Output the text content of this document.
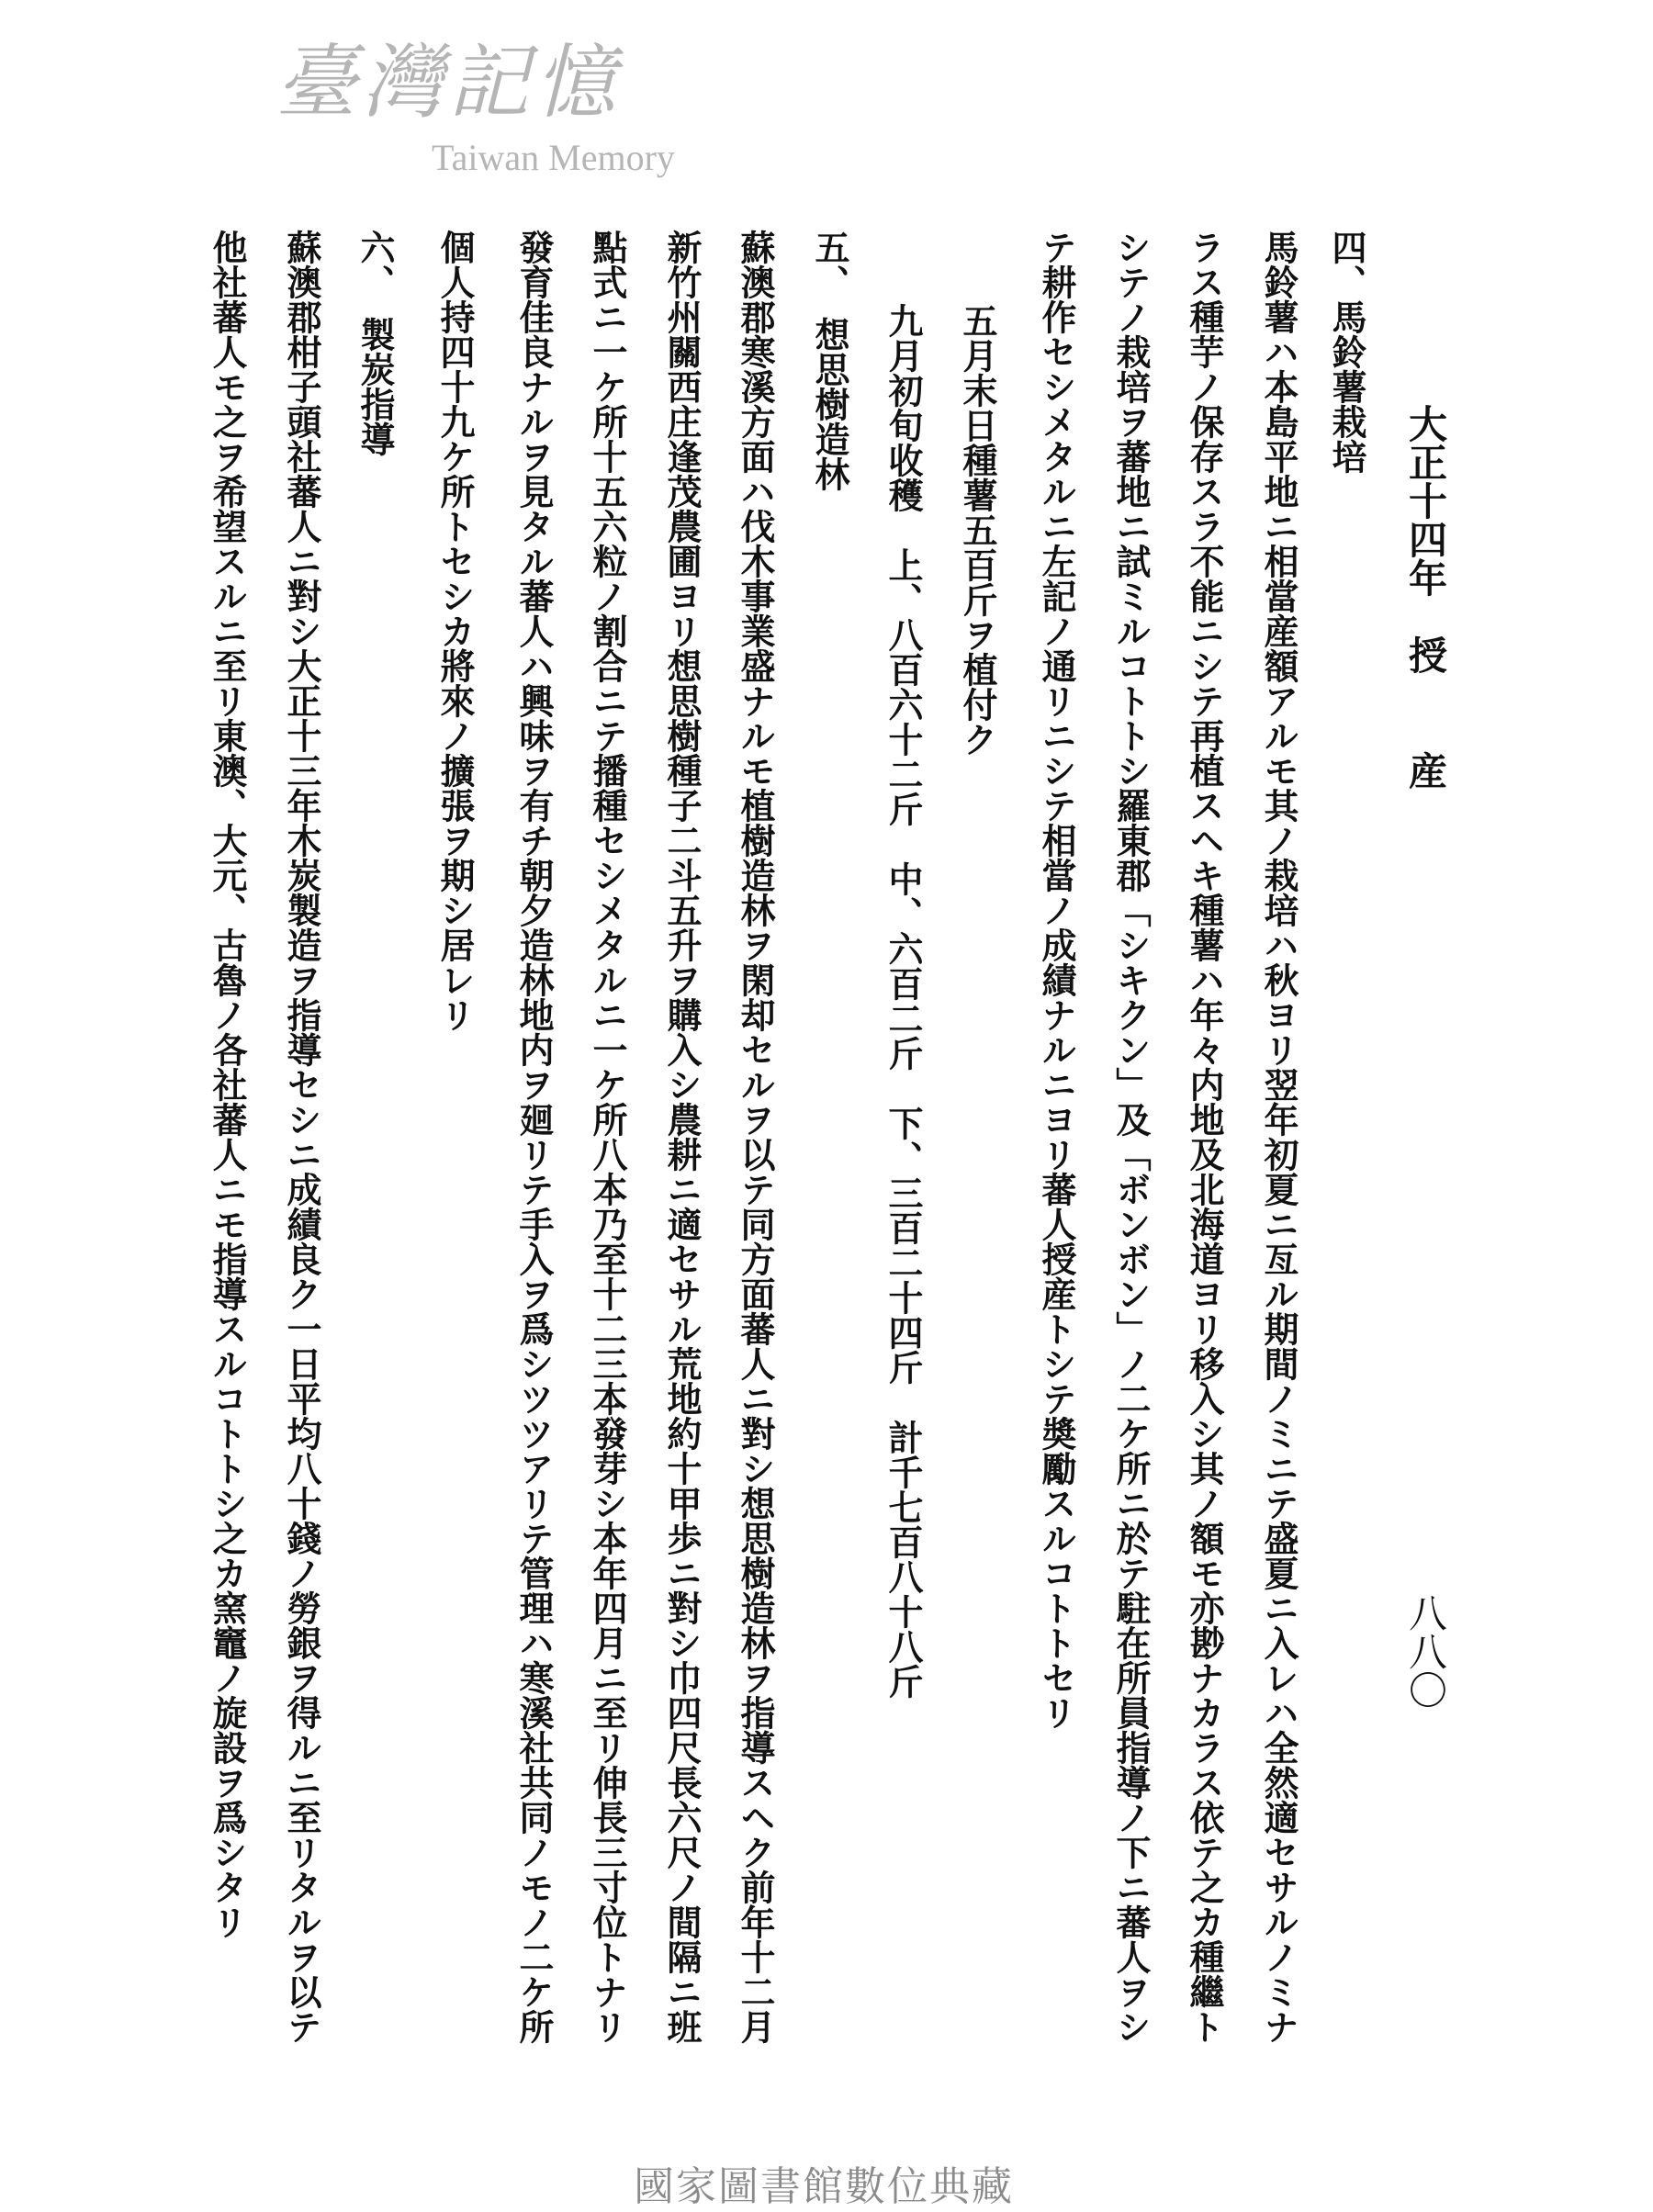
大正十四年　授　　産
八八〇
四、馬鈴薯栽培
馬鈴薯ハ本島平地ニ相當産額アルモ其ノ栽培ハ秋ヨリ翌年初夏ニ亙ル期間ノミニテ盛夏ニ入レハ全然適セサルノミナ
ラス種芋ノ保存スラ不能ニシテ再植スヘキ種薯ハ年々内地及北海道ヨリ移入シ其ノ額モ亦尠ナカラス依テ之カ種繼ト
シテノ栽培ヲ蕃地ニ試ミルコトトシ羅東郡「シキクン」及「ボンボン」ノ二ケ所ニ於テ駐在所員指導ノ下ニ蕃人ヲシ
テ耕作セシメタルニ左記ノ通リニシテ相當ノ成績ナルニヨリ蕃人授産トシテ奬勵スルコトトセリ
五月末日種薯五百斤ヲ植付ク
九月初旬收穫　上、八百六十二斤　中、六百二斤　下、三百二十四斤　計千七百八十八斤
五、　想思樹造林
蘇澳郡寒溪方面ハ伐木事業盛ナルモ植樹造林ヲ閑却セルヲ以テ同方面蕃人ニ對シ想思樹造林ヲ指導スヘク前年十二月
新竹州關西庄逢茂農圃ヨリ想思樹種子二斗五升ヲ購入シ農耕ニ適セサル荒地約十甲歩ニ對シ巾四尺長六尺ノ間隔ニ班
點式ニ一ケ所十五六粒ノ割合ニテ播種セシメタルニ一ケ所八本乃至十二三本發芽シ本年四月ニ至リ伸長三寸位トナリ
發育佳良ナルヲ見タル蕃人ハ興味ヲ有チ朝夕造林地内ヲ廻リテ手入ヲ爲シツツアリテ管理ハ寒溪社共同ノモノ二ケ所
個人持四十九ケ所トセシカ將來ノ擴張ヲ期シ居レリ
六、　製炭指導
蘇澳郡柑子頭社蕃人ニ對シ大正十三年木炭製造ヲ指導セシニ成績良ク一日平均八十錢ノ勞銀ヲ得ルニ至リタルヲ以テ
他社蕃人モ之ヲ希望スルニ至リ東澳、大元、古魯ノ各社蕃人ニモ指導スルコトトシ之カ窯竈ノ旋設ヲ爲シタリ
臺灣記憶
Taiwan Memory
國家圖書館數位典藏
